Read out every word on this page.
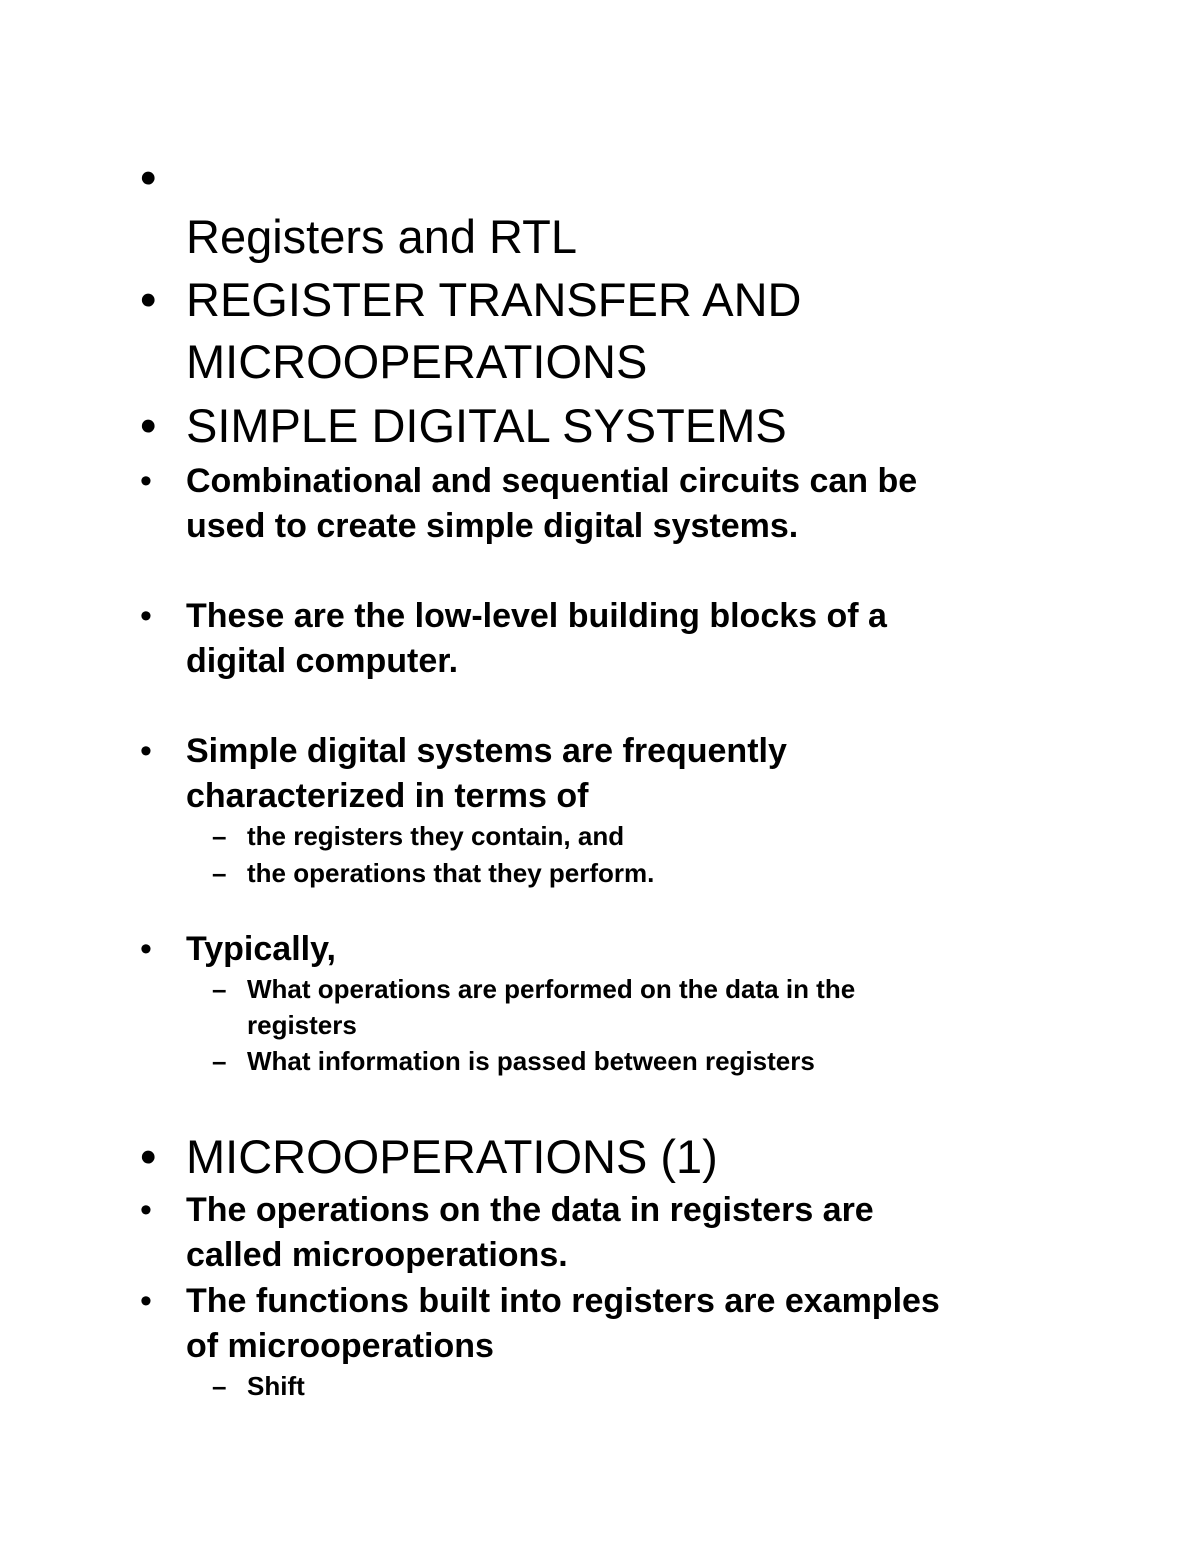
•
Registers and RTL
• REGISTER TRANSFER AND
MICROOPERATIONS
• SIMPLE DIGITAL SYSTEMS
• Combinational and sequential circuits can be
used to create simple digital systems.
• These are the low-level building blocks of a
digital computer.
• Simple digital systems are frequently
characterized in terms of
– the registers they contain, and
– the operations that they perform.
• Typically,
– What operations are performed on the data in the
registers
– What information is passed between registers
• MICROOPERATIONS (1)
• The operations on the data in registers are
called microoperations.
• The functions built into registers are examples
of microoperations
– Shift
